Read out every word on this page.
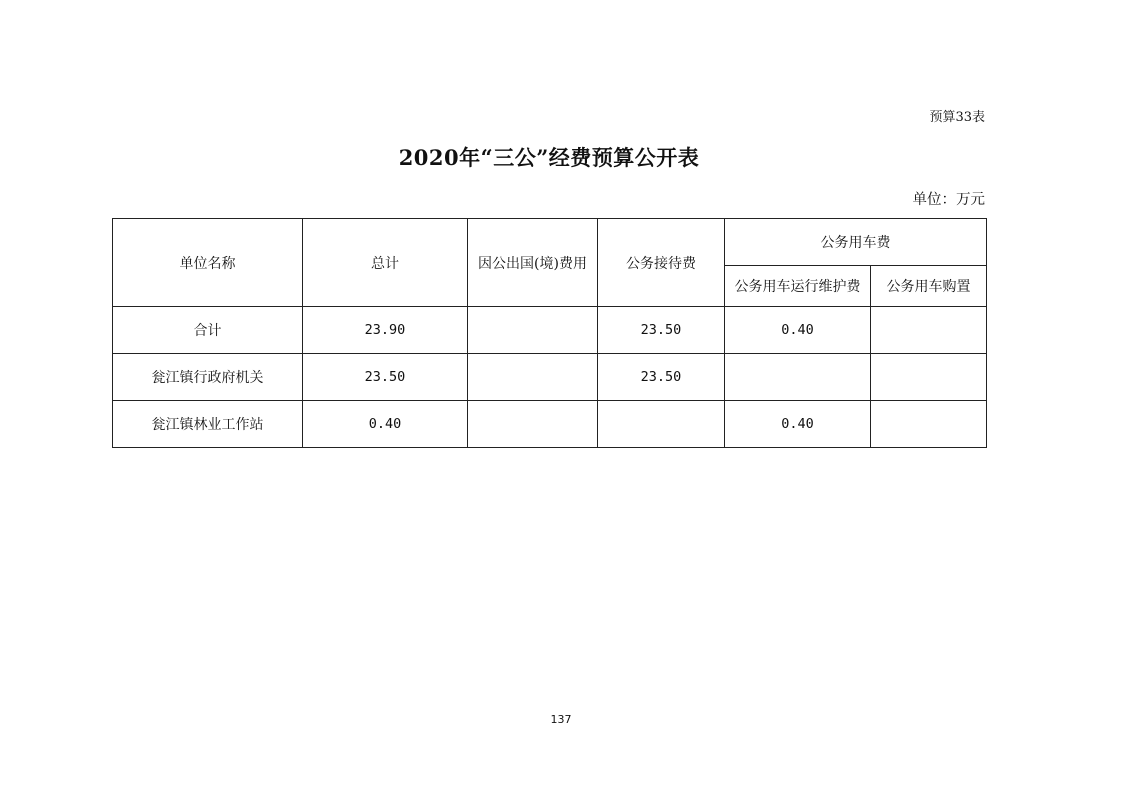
预算33表
2020年“三公”经费预算公开表
单位：万元
单位名称	总计	因公出国(境)费用	公务接待费	公务用车费	
				公务用车运行维护费	公务用车购置
合计	23.90		23.50	0.40	
瓮江镇行政府机关	23.50		23.50		
瓮江镇林业工作站	0.40			0.40	
137
